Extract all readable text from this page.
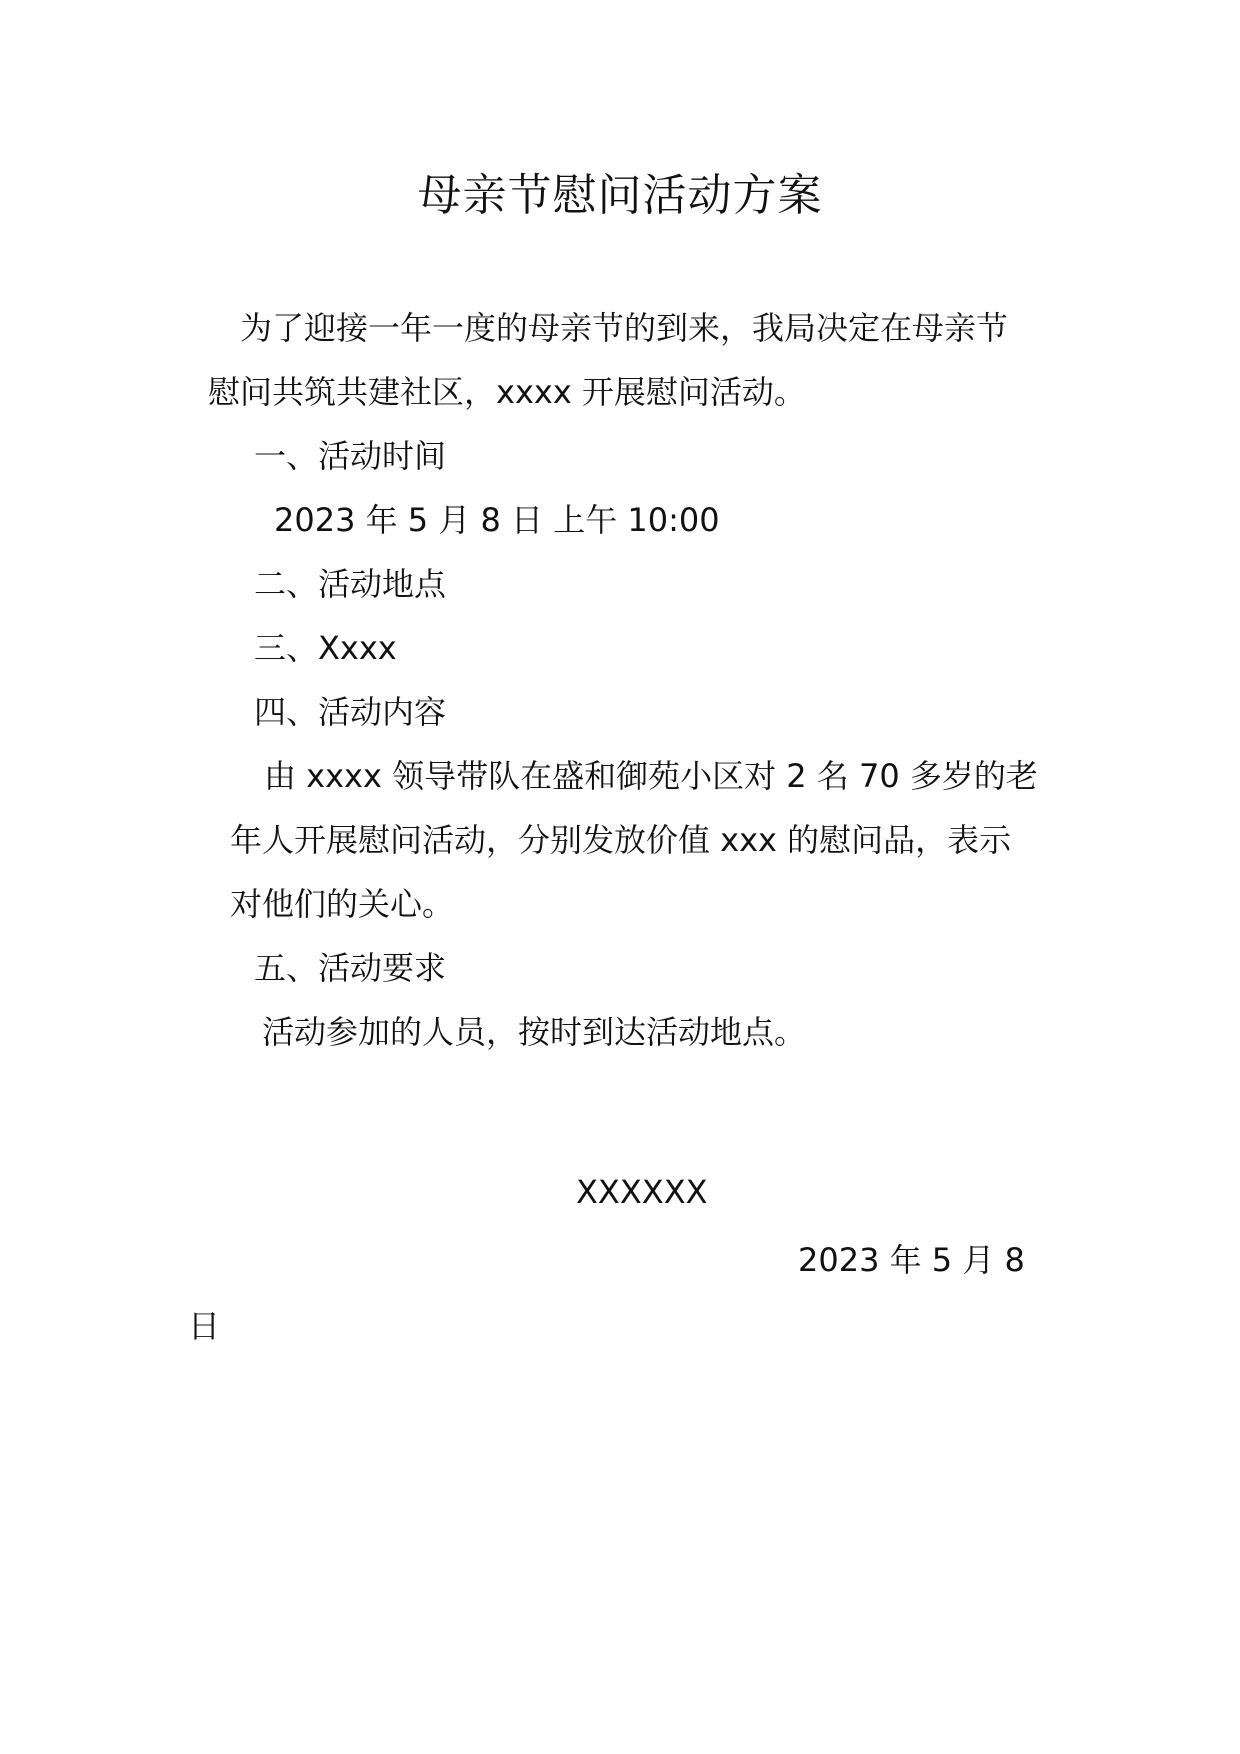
母亲节慰问活动方案
为了迎接一年一度的母亲节的到来，我局决定在母亲节
慰问共筑共建社区，xxxx 开展慰问活动。
一、活动时间
2023 年 5 月 8 日 上午 10:00
二、活动地点
三、Xxxx
四、活动内容
由 xxxx 领导带队在盛和御苑小区对 2 名 70 多岁的老
年人开展慰问活动，分别发放价值 xxx 的慰问品，表示
对他们的关心。
五、活动要求
活动参加的人员，按时到达活动地点。
XXXXXX
2023 年 5 月 8
日
